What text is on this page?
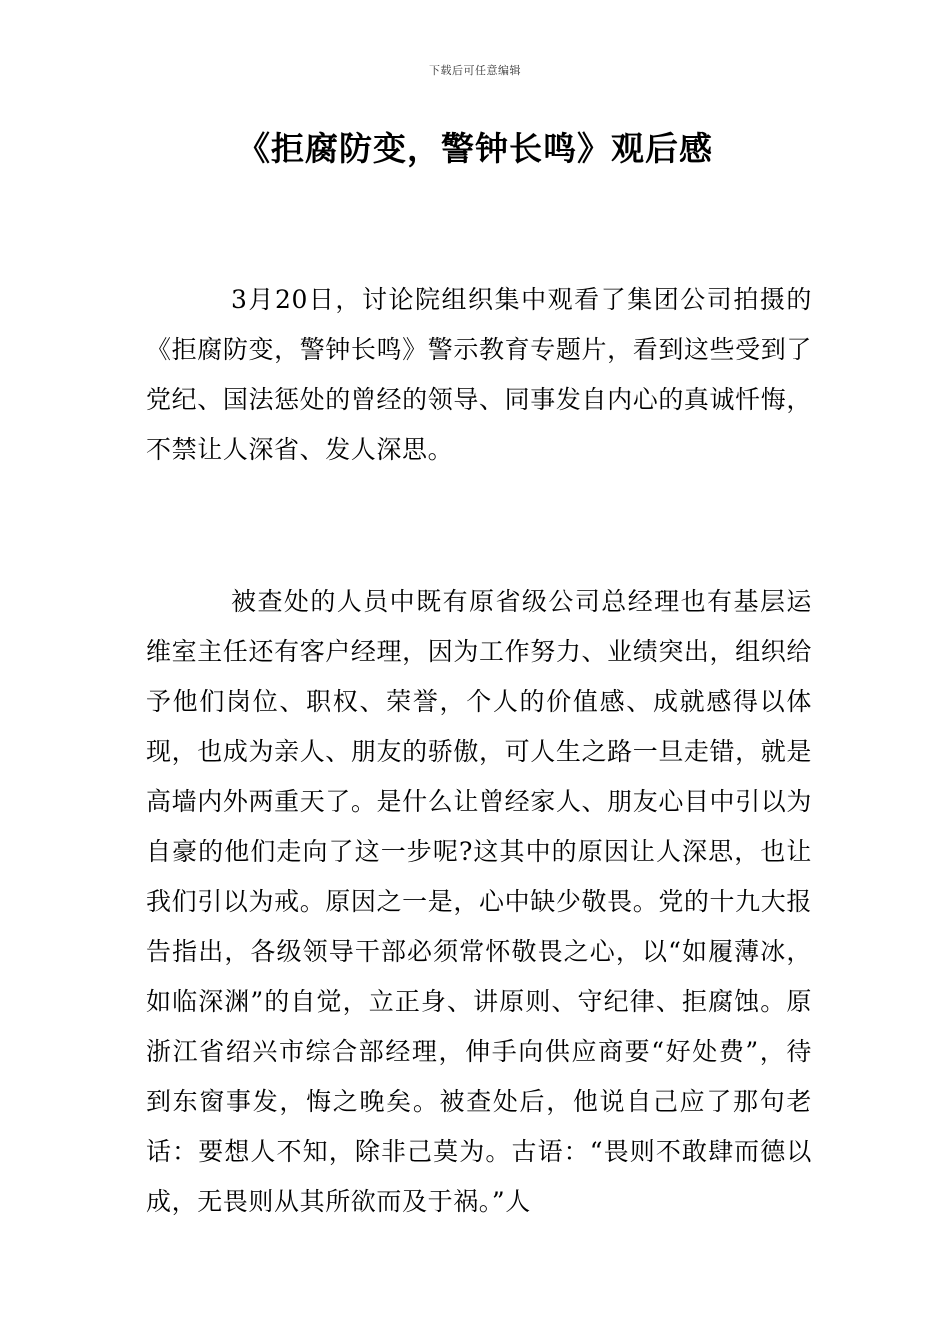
下载后可任意编辑
《拒腐防变，警钟长鸣》观后感

3月20日，讨论院组织集中观看了集团公司拍摄的《拒腐防变，警钟长鸣》警示教育专题片，看到这些受到了党纪、国法惩处的曾经的领导、同事发自内心的真诚忏悔，不禁让人深省、发人深思。

被查处的人员中既有原省级公司总经理也有基层运维室主任还有客户经理，因为工作努力、业绩突出，组织给予他们岗位、职权、荣誉，个人的价值感、成就感得以体现，也成为亲人、朋友的骄傲，可人生之路一旦走错，就是高墙内外两重天了。是什么让曾经家人、朋友心目中引以为自豪的他们走向了这一步呢?这其中的原因让人深思，也让我们引以为戒。原因之一是，心中缺少敬畏。党的十九大报告指出，各级领导干部必须常怀敬畏之心，以“如履薄冰，如临深渊”的自觉，立正身、讲原则、守纪律、拒腐蚀。原浙江省绍兴市综合部经理，伸手向供应商要“好处费”，待到东窗事发，悔之晚矣。被查处后，他说自己应了那句老话：要想人不知，除非己莫为。古语：“畏则不敢肆而德以成，无畏则从其所欲而及于祸。”人
